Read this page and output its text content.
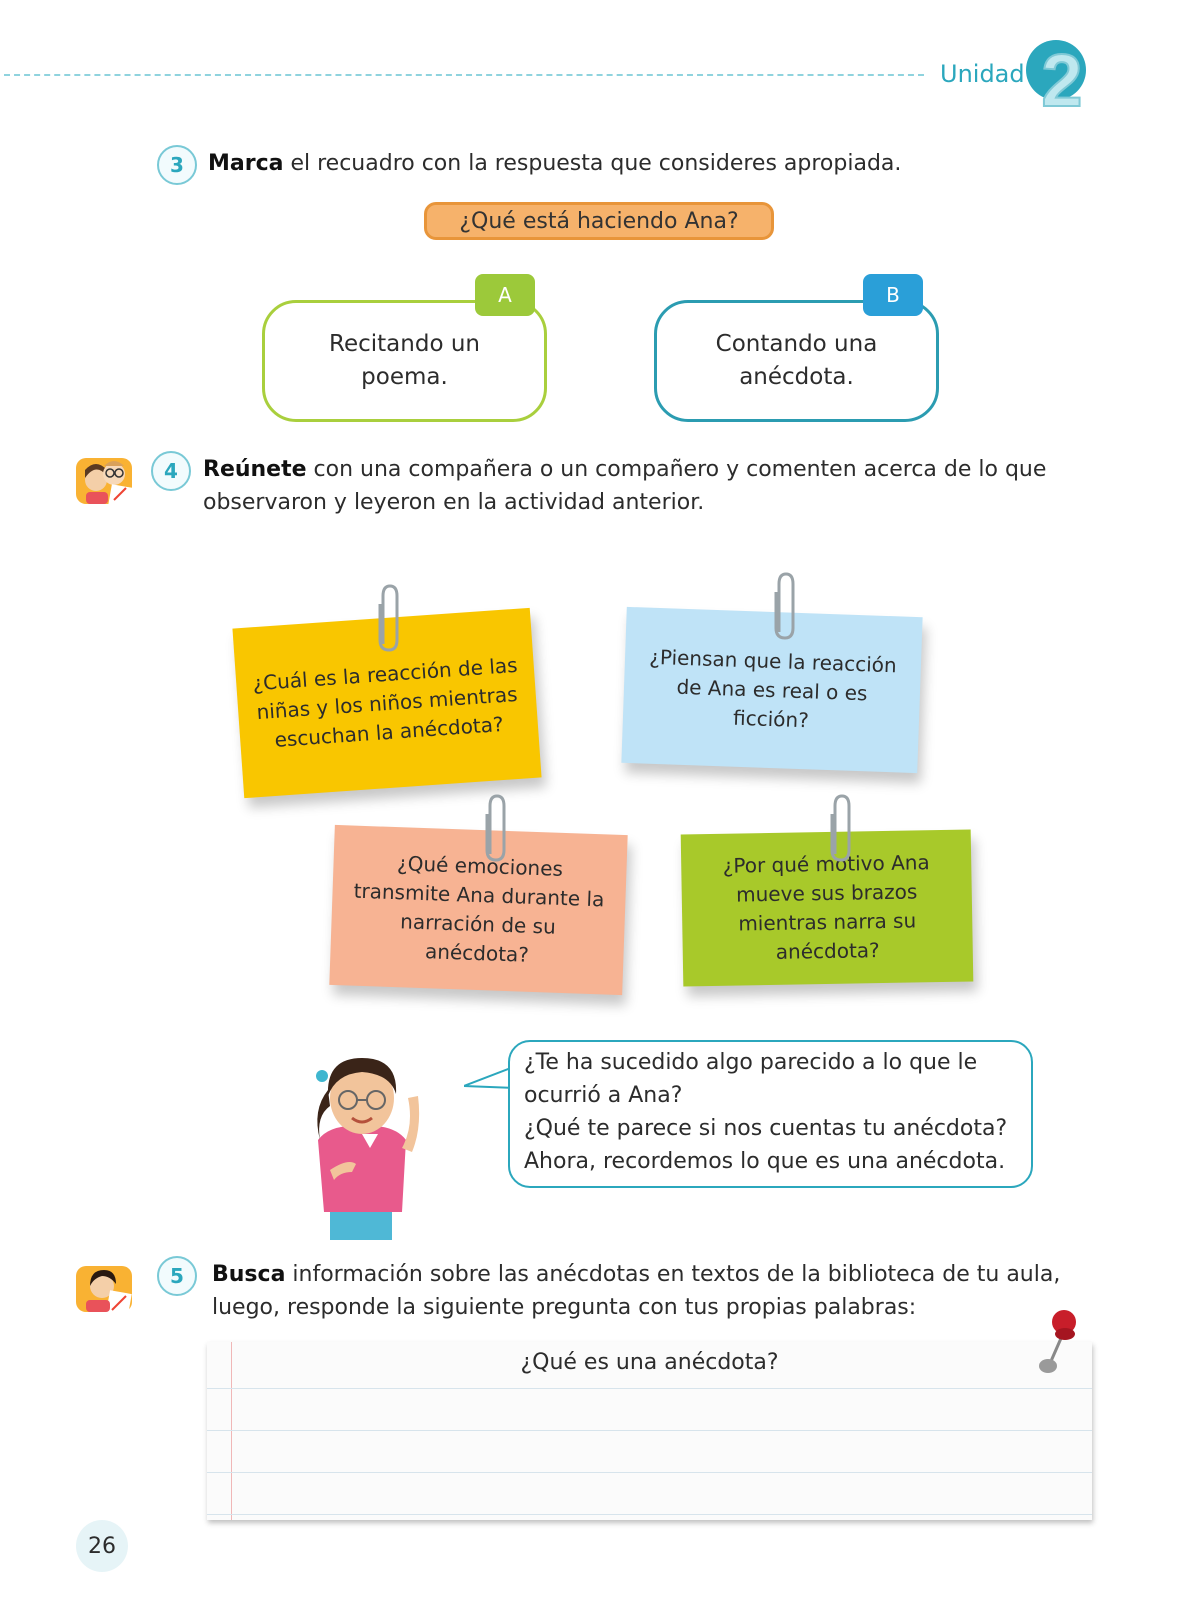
Unidad 2
3	Marca el recuadro con la respuesta que consideres apropiada.
¿Qué está haciendo Ana?
Recitando un
poema.
A
Contando una
anécdota.
B
4	Reúnete con una compañera o un compañero y comenten acerca de lo que observaron y leyeron en la actividad anterior.
¿Cuál es la reacción de las niñas y los niños mientras escuchan la anécdota?
¿Piensan que la reacción de Ana es real o es ficción?
¿Qué emociones transmite Ana durante la narración de su anécdota?
¿Por qué motivo Ana mueve sus brazos mientras narra su anécdota?
¿Te ha sucedido algo parecido a lo que le
ocurrió a Ana?
¿Qué te parece si nos cuentas tu anécdota?
Ahora, recordemos lo que es una anécdota.
5	Busca información sobre las anécdotas en textos de la biblioteca de tu aula, luego, responde la siguiente pregunta con tus propias palabras:
¿Qué es una anécdota?
26
